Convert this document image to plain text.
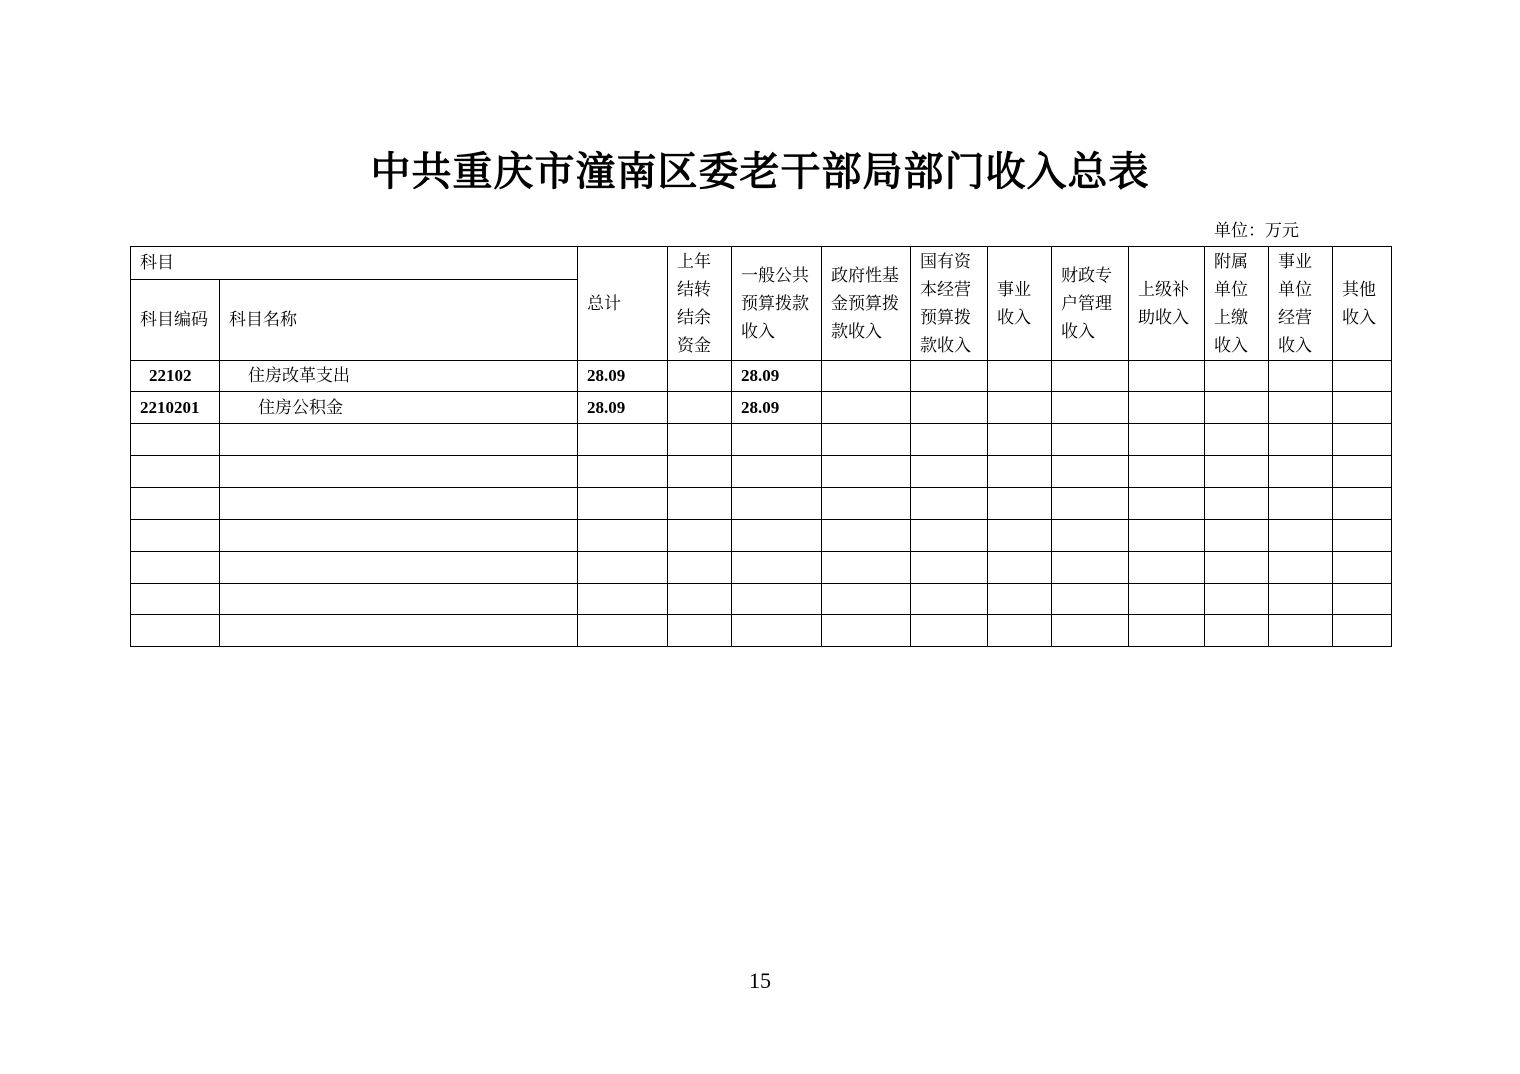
中共重庆市潼南区委老干部局部门收入总表
单位：万元
科目		总计	上年结转结余资金	一般公共预算拨款收入	政府性基金预算拨款收入	国有资本经营预算拨款收入	事业收入	财政专户管理收入	上级补助收入	附属单位上缴收入	事业单位经营收入	其他收入
科目编码	科目名称											
22102	住房改革支出	28.09		28.09								
2210201	住房公积金	28.09		28.09								

15
